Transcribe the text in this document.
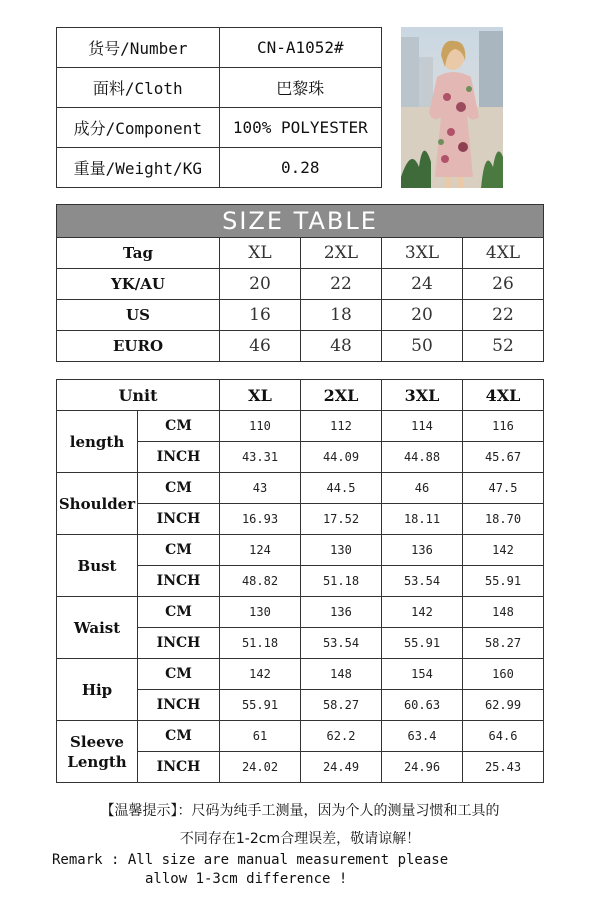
货号/Number	CN-A1052#
面料/Cloth	巴黎珠
成分/Component	100% POLYESTER
重量/Weight/KG	0.28
SIZE TABLE				
Tag	XL	2XL	3XL	4XL
YK/AU	20	22	24	26
US	16	18	20	22
EURO	46	48	50	52
Unit		XL	2XL	3XL	4XL
length	CM	110	112	114	116
	INCH	43.31	44.09	44.88	45.67
Shoulder	CM	43	44.5	46	47.5
	INCH	16.93	17.52	18.11	18.70
Bust	CM	124	130	136	142
	INCH	48.82	51.18	53.54	55.91
Waist	CM	130	136	142	148
	INCH	51.18	53.54	55.91	58.27
Hip	CM	142	148	154	160
	INCH	55.91	58.27	60.63	62.99
Sleeve Length	CM	61	62.2	63.4	64.6
	INCH	24.02	24.49	24.96	25.43
【温馨提示】：尺码为纯手工测量，因为个人的测量习惯和工具的
不同存在1-2cm合理误差，敬请谅解！
Remark : All size are manual measurement please
allow 1-3cm difference !
